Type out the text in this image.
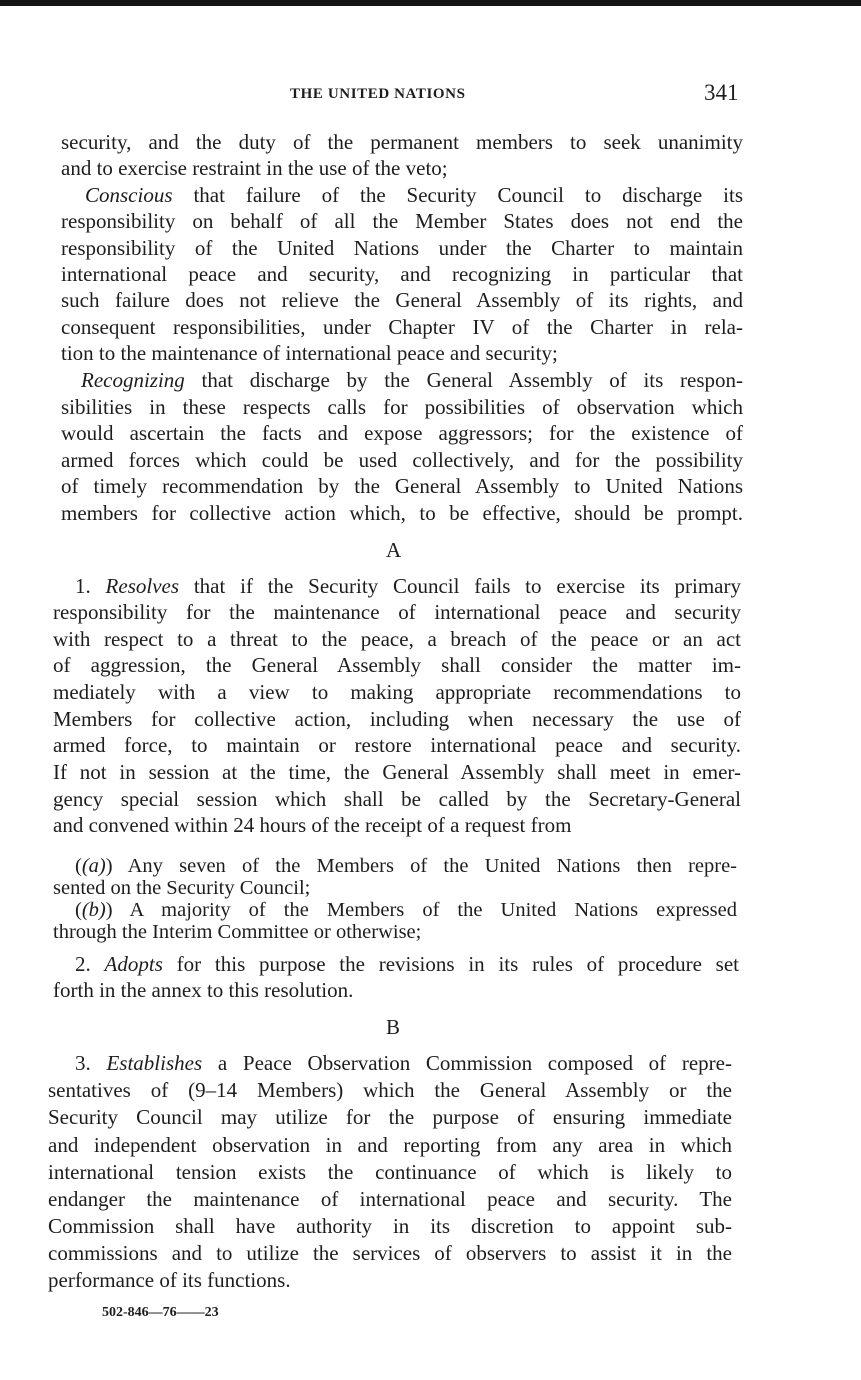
THE UNITED NATIONS	341
security, and the duty of the permanent members to seek unanimity
and to exercise restraint in the use of the veto;
Conscious that failure of the Security Council to discharge its
responsibility on behalf of all the Member States does not end the
responsibility of the United Nations under the Charter to maintain
international peace and security, and recognizing in particular that
such failure does not relieve the General Assembly of its rights, and
consequent responsibilities, under Chapter IV of the Charter in rela-
tion to the maintenance of international peace and security;
Recognizing that discharge by the General Assembly of its respon-
sibilities in these respects calls for possibilities of observation which
would ascertain the facts and expose aggressors; for the existence of
armed forces which could be used collectively, and for the possibility
of timely recommendation by the General Assembly to United Nations
members for collective action which, to be effective, should be prompt.
A
1. Resolves that if the Security Council fails to exercise its primary
responsibility for the maintenance of international peace and security
with respect to a threat to the peace, a breach of the peace or an act
of aggression, the General Assembly shall consider the matter im-
mediately with a view to making appropriate recommendations to
Members for collective action, including when necessary the use of
armed force, to maintain or restore international peace and security.
If not in session at the time, the General Assembly shall meet in emer-
gency special session which shall be called by the Secretary-General
and convened within 24 hours of the receipt of a request from
((a)) Any seven of the Members of the United Nations then repre-
sented on the Security Council;
((b)) A majority of the Members of the United Nations expressed
through the Interim Committee or otherwise;
2. Adopts for this purpose the revisions in its rules of procedure set
forth in the annex to this resolution.
B
3. Establishes a Peace Observation Commission composed of repre-
sentatives of (9–14 Members) which the General Assembly or the
Security Council may utilize for the purpose of ensuring immediate
and independent observation in and reporting from any area in which
international tension exists the continuance of which is likely to
endanger the maintenance of international peace and security. The
Commission shall have authority in its discretion to appoint sub-
commissions and to utilize the services of observers to assist it in the
performance of its functions.
502-846—76——23
